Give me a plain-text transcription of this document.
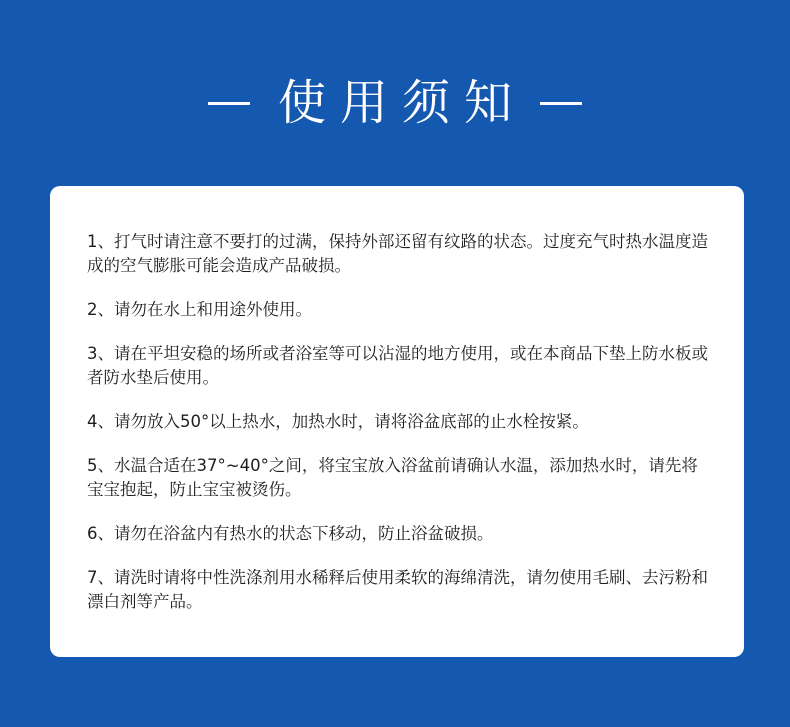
使用须知
1、打气时请注意不要打的过满，保持外部还留有纹路的状态。过度充气时热水温度造成的空气膨胀可能会造成产品破损。
2、请勿在水上和用途外使用。
3、请在平坦安稳的场所或者浴室等可以沾湿的地方使用，或在本商品下垫上防水板或者防水垫后使用。
4、请勿放入50°以上热水，加热水时，请将浴盆底部的止水栓按紧。
5、水温合适在37°~40°之间，将宝宝放入浴盆前请确认水温，添加热水时，请先将宝宝抱起，防止宝宝被烫伤。
6、请勿在浴盆内有热水的状态下移动，防止浴盆破损。
7、请洗时请将中性洗涤剂用水稀释后使用柔软的海绵清洗，请勿使用毛刷、去污粉和漂白剂等产品。
